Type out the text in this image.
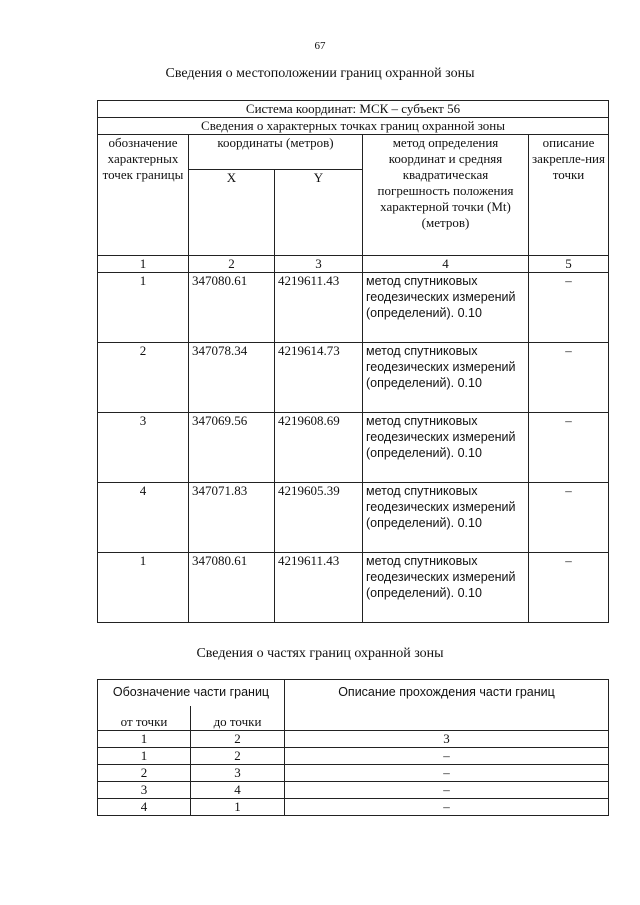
67
Сведения о местоположении границ охранной зоны
Система координат: МСК – субъект 56				
Сведения о характерных точках границ охранной зоны				
обозначение характерных точек границы	координаты (метров)		метод определения координат и средняя квадратическая погрешность положения характерной точки (Mt) (метров)	описание закрепле-ния точки
	X	Y		
1	2	3	4	5
1	347080.61	4219611.43	метод спутниковых геодезических измерений (определений). 0.10	–
2	347078.34	4219614.73	метод спутниковых геодезических измерений (определений). 0.10	–
3	347069.56	4219608.69	метод спутниковых геодезических измерений (определений). 0.10	–
4	347071.83	4219605.39	метод спутниковых геодезических измерений (определений). 0.10	–
1	347080.61	4219611.43	метод спутниковых геодезических измерений (определений). 0.10	–
Сведения о частях границ охранной зоны
Обозначение части границ		Описание прохождения части границ
от точки	до точки	
1	2	3
1	2	–
2	3	–
3	4	–
4	1	–
